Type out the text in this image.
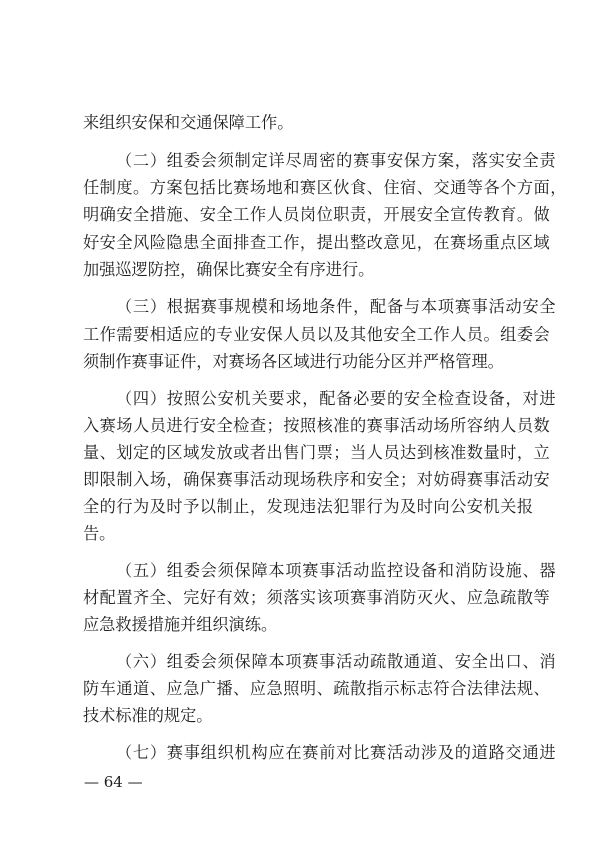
来组织安保和交通保障工作。
（二）组委会须制定详尽周密的赛事安保方案，落实安全责
任制度。方案包括比赛场地和赛区伙食、住宿、交通等各个方面，
明确安全措施、安全工作人员岗位职责，开展安全宣传教育。做
好安全风险隐患全面排查工作，提出整改意见，在赛场重点区域
加强巡逻防控，确保比赛安全有序进行。
（三）根据赛事规模和场地条件，配备与本项赛事活动安全
工作需要相适应的专业安保人员以及其他安全工作人员。组委会
须制作赛事证件，对赛场各区域进行功能分区并严格管理。
（四）按照公安机关要求，配备必要的安全检查设备，对进
入赛场人员进行安全检查；按照核准的赛事活动场所容纳人员数
量、划定的区域发放或者出售门票；当人员达到核准数量时，立
即限制入场，确保赛事活动现场秩序和安全；对妨碍赛事活动安
全的行为及时予以制止，发现违法犯罪行为及时向公安机关报
告。
（五）组委会须保障本项赛事活动监控设备和消防设施、器
材配置齐全、完好有效；须落实该项赛事消防灭火、应急疏散等
应急救援措施并组织演练。
（六）组委会须保障本项赛事活动疏散通道、安全出口、消
防车通道、应急广播、应急照明、疏散指示标志符合法律法规、
技术标准的规定。
（七）赛事组织机构应在赛前对比赛活动涉及的道路交通进
— 64 —
